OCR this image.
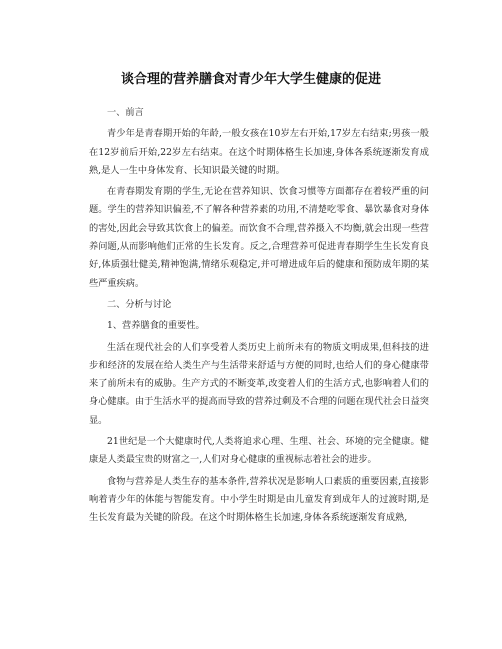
谈合理的营养膳食对青少年大学生健康的促进

一、前言

青少年是青春期开始的年龄,一般女孩在10岁左右开始,17岁左右结束;男孩一般在12岁前后开始,22岁左右结束。在这个时期体格生长加速,身体各系统逐渐发育成熟,是人一生中身体发育、长知识最关键的时期。

在青春期发育期的学生,无论在营养知识、饮食习惯等方面都存在着较严重的问题。学生的营养知识偏差,不了解各种营养素的功用,不清楚吃零食、暴饮暴食对身体的害处,因此会导致其饮食上的偏差。而饮食不合理,营养摄入不均衡,就会出现一些营养问题,从而影响他们正常的生长发育。反之,合理营养可促进青春期学生生长发育良好,体质强壮健美,精神饱满,情绪乐观稳定,并可增进成年后的健康和预防成年期的某些严重疾病。

二、分析与讨论

1、营养膳食的重要性。

生活在现代社会的人们享受着人类历史上前所未有的物质文明成果,但科技的进步和经济的发展在给人类生产与生活带来舒适与方便的同时,也给人们的身心健康带来了前所未有的威胁。生产方式的不断变革,改变着人们的生活方式,也影响着人们的身心健康。由于生活水平的提高而导致的营养过剩及不合理的问题在现代社会日益突显。

21世纪是一个大健康时代,人类将追求心理、生理、社会、环境的完全健康。健康是人类最宝贵的财富之一,人们对身心健康的重视标志着社会的进步。

食物与营养是人类生存的基本条件,营养状况是影响人口素质的重要因素,直接影响着青少年的体能与智能发育。中小学生时期是由儿童发育到成年人的过渡时期,是生长发育最为关键的阶段。在这个时期体格生长加速,身体各系统逐渐发育成熟,
